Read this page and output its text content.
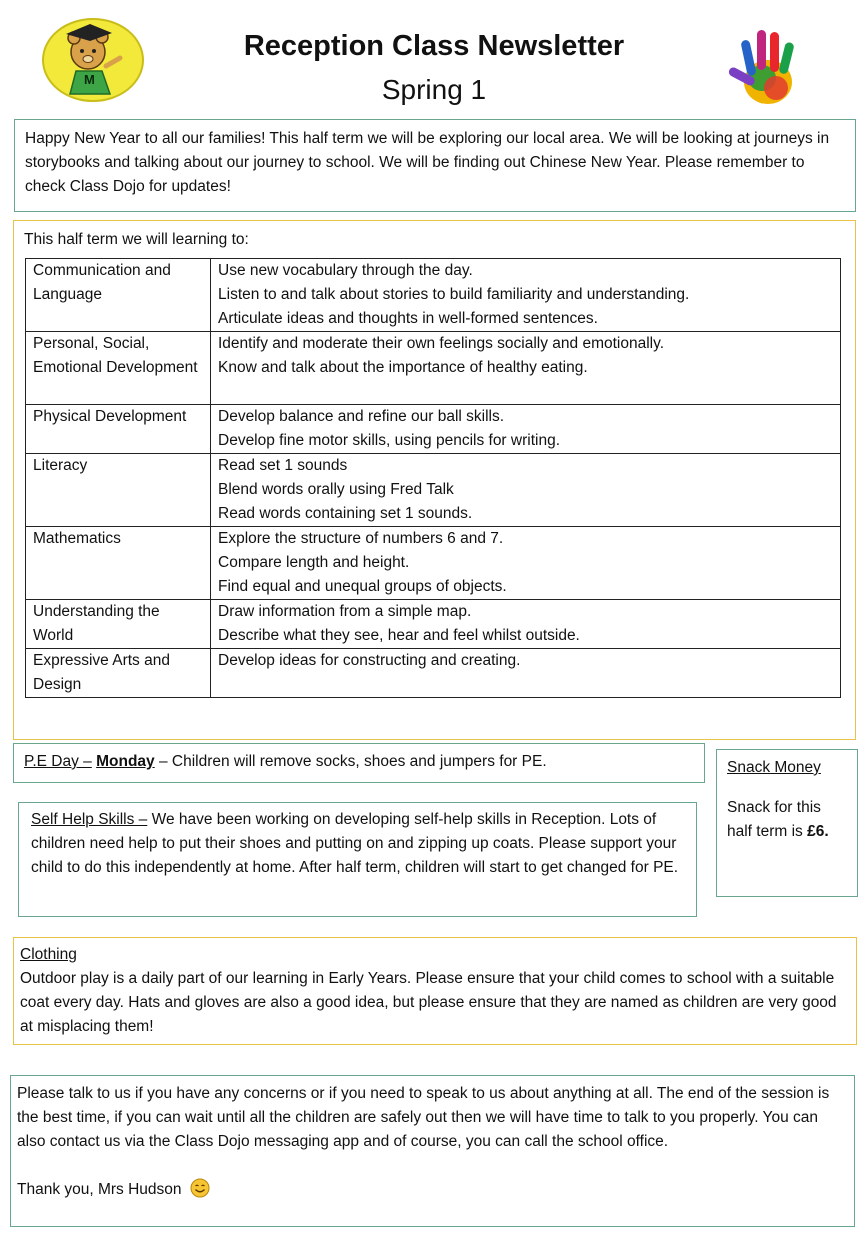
M
Reception Class Newsletter
Spring 1
Happy New Year to all our families! This half term we will be exploring our local area. We will be looking at journeys in storybooks and talking about our journey to school. We will be finding out Chinese New Year. Please remember to check Class Dojo for updates!
This half term we will learning to:
Communication and Language	Use new vocabulary through the day.
Listen to and talk about stories to build familiarity and understanding.
Articulate ideas and thoughts in well-formed sentences.

Personal, Social, Emotional Development	Identify and moderate their own feelings socially and emotionally.
Know and talk about the importance of healthy eating.

Physical Development	Develop balance and refine our ball skills.
Develop fine motor skills, using pencils for writing.

Literacy	Read set 1 sounds
Blend words orally using Fred Talk
Read words containing set 1 sounds.

Mathematics	Explore the structure of numbers 6 and 7.
Compare length and height.
Find equal and unequal groups of objects.

Understanding the World	Draw information from a simple map.
Describe what they see, hear and feel whilst outside.

Expressive Arts and Design	Develop ideas for constructing and creating.
P.E Day – Monday – Children will remove socks, shoes and jumpers for PE.	Snack Money
Snack for this half term is £6.
Self Help Skills – We have been working on developing self-help skills in Reception. Lots of children need help to put their shoes and putting on and zipping up coats. Please support your child to do this independently at home. After half term, children will start to get changed for PE.
Clothing
Outdoor play is a daily part of our learning in Early Years. Please ensure that your child comes to school with a suitable coat every day. Hats and gloves are also a good idea, but please ensure that they are named as children are very good at misplacing them!
Please talk to us if you have any concerns or if you need to speak to us about anything at all. The end of the session is the best time, if you can wait until all the children are safely out then we will have time to talk to you properly. You can also contact us via the Class Dojo messaging app and of course, you can call the school office.
Thank you, Mrs Hudson
